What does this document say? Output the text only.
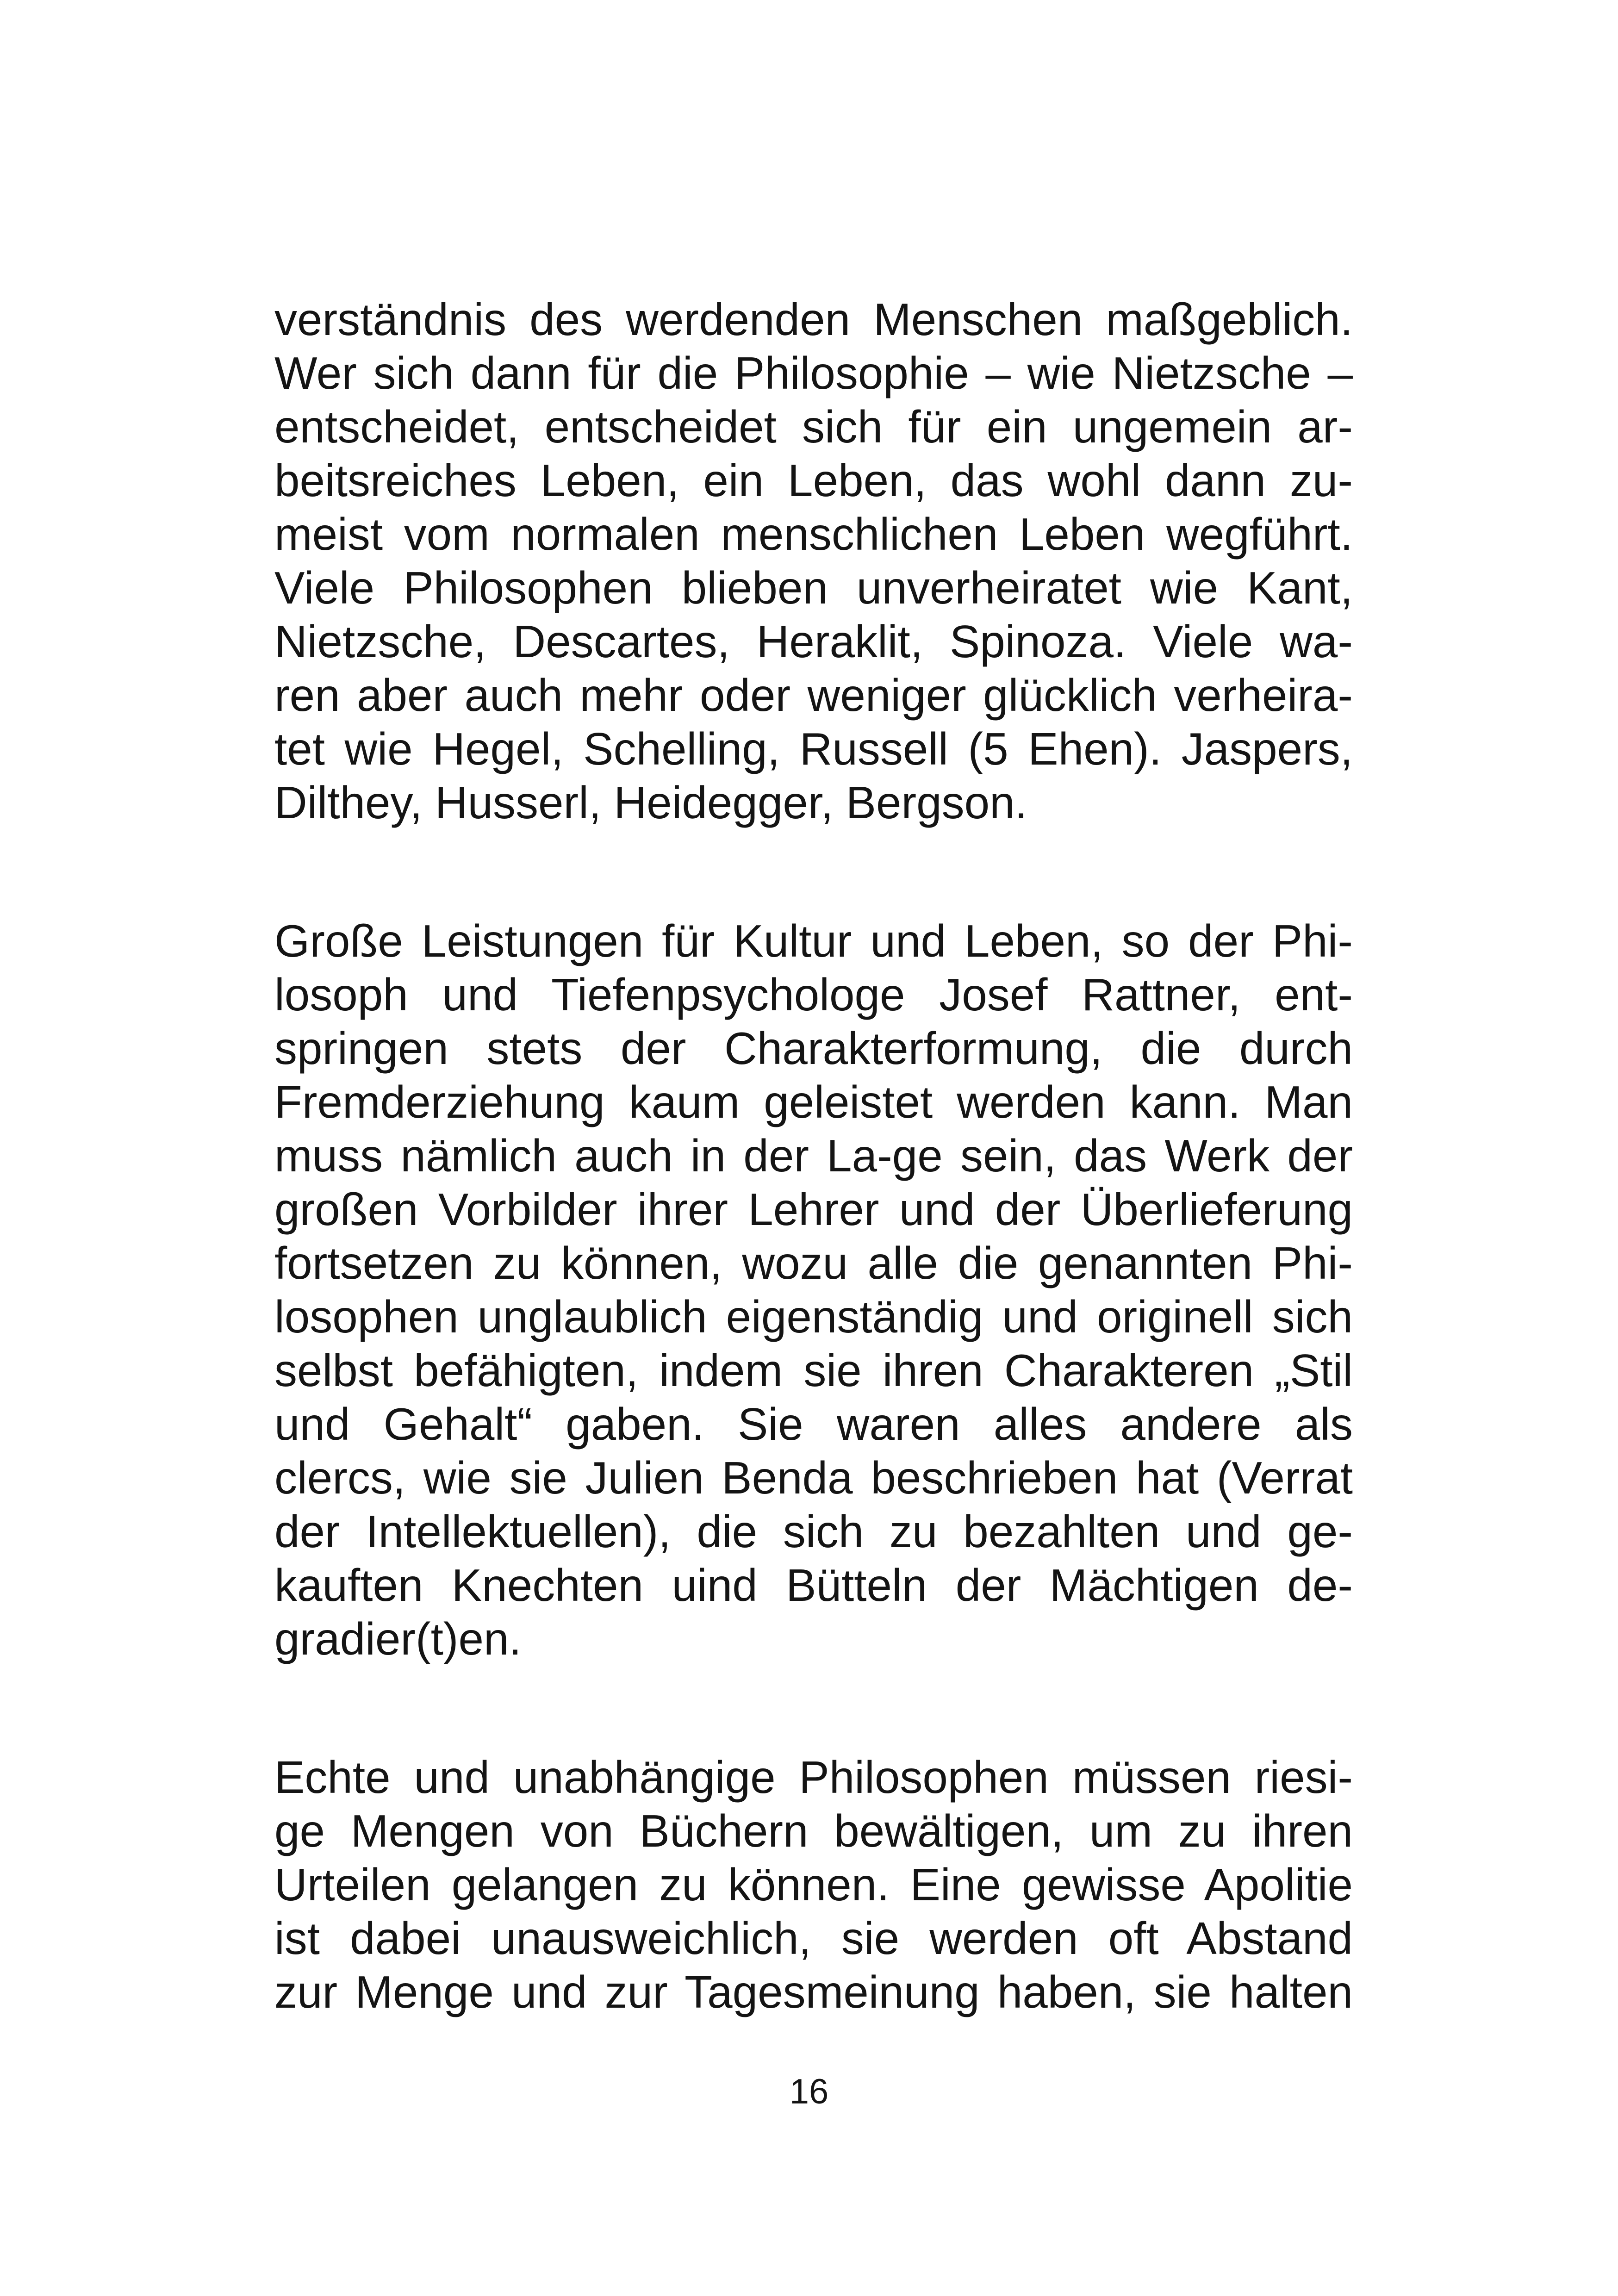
verständnis des werdenden Menschen maßgeblich.
Wer sich dann für die Philosophie – wie Nietzsche –
entscheidet, entscheidet sich für ein ungemein ar-
beitsreiches Leben, ein Leben, das wohl dann zu-
meist vom normalen menschlichen Leben wegführt.
Viele Philosophen blieben unverheiratet wie Kant,
Nietzsche, Descartes, Heraklit, Spinoza. Viele wa-
ren aber auch mehr oder weniger glücklich verheira-
tet wie Hegel, Schelling, Russell (5 Ehen). Jaspers,
Dilthey, Husserl, Heidegger, Bergson.
Große Leistungen für Kultur und Leben, so der Phi-
losoph und Tiefenpsychologe Josef Rattner, ent-
springen stets der Charakterformung, die durch
Fremderziehung kaum geleistet werden kann. Man
muss nämlich auch in der La-ge sein, das Werk der
großen Vorbilder ihrer Lehrer und der Überlieferung
fortsetzen zu können, wozu alle die genannten Phi-
losophen unglaublich eigenständig und originell sich
selbst befähigten, indem sie ihren Charakteren „Stil
und Gehalt“ gaben. Sie waren alles andere als
clercs, wie sie Julien Benda beschrieben hat (Verrat
der Intellektuellen), die sich zu bezahlten und ge-
kauften Knechten uind Bütteln der Mächtigen de-
gradier(t)en.
Echte und unabhängige Philosophen müssen riesi-
ge Mengen von Büchern bewältigen, um zu ihren
Urteilen gelangen zu können. Eine gewisse Apolitie
ist dabei unausweichlich, sie werden oft Abstand
zur Menge und zur Tagesmeinung haben, sie halten
16
